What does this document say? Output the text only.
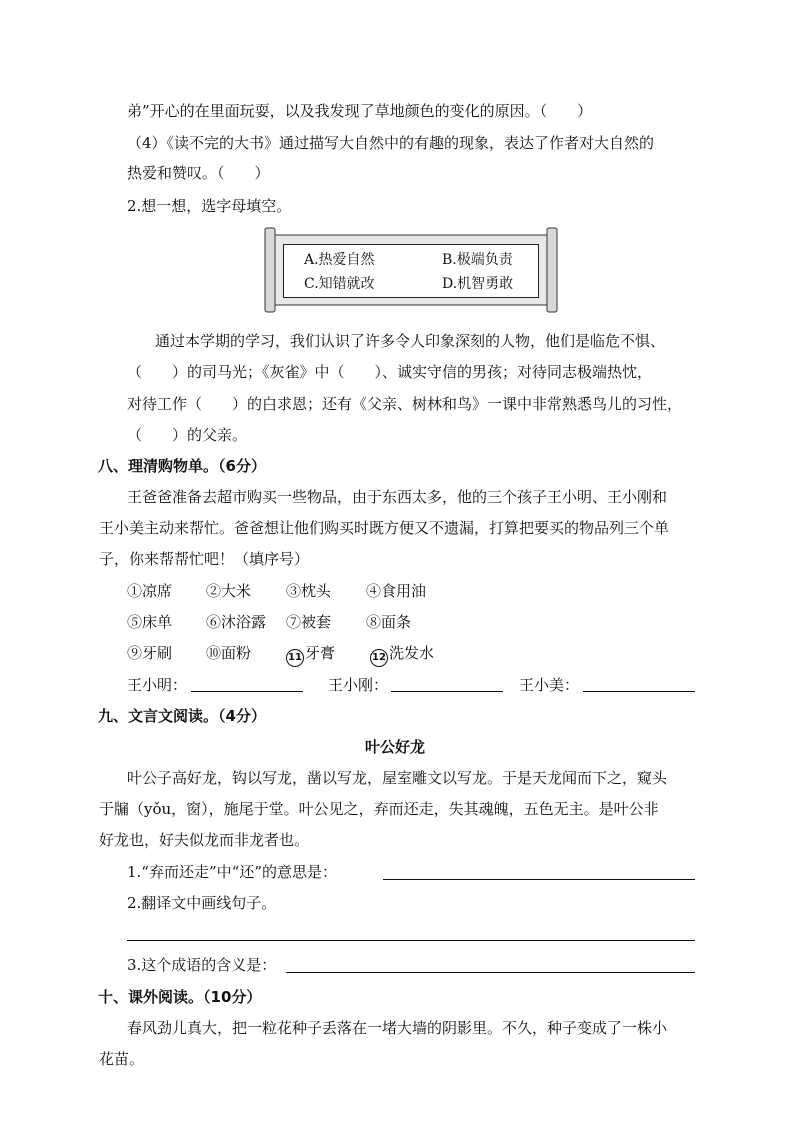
弟”开心的在里面玩耍，以及我发现了草地颜色的变化的原因。（　　）
（4）《读不完的大书》通过描写大自然中的有趣的现象，表达了作者对大自然的
热爱和赞叹。（　　）
2.想一想，选字母填空。
A.热爱自然	B.极端负责
C.知错就改	D.机智勇敢
通过本学期的学习，我们认识了许多令人印象深刻的人物，他们是临危不惧、
（　　）的司马光；《灰雀》中（　　）、诚实守信的男孩；对待同志极端热忱，
对待工作（　　）的白求恩；还有《父亲、树林和鸟》一课中非常熟悉鸟儿的习性，
（　　）的父亲。
八、理清购物单。（6分）
王爸爸准备去超市购买一些物品，由于东西太多，他的三个孩子王小明、王小刚和
王小美主动来帮忙。爸爸想让他们购买时既方便又不遗漏，打算把要买的物品列三个单
子，你来帮帮忙吧！（填序号）
①凉席 ②大米 ③枕头 ④食用油
⑤床单 ⑥沐浴露 ⑦被套 ⑧面条
⑨牙刷 ⑩面粉	11 牙膏	12 洗发水
王小明：	王小刚：	王小美：
九、文言文阅读。（4分）
叶公好龙
叶公子高好龙，钩以写龙，凿以写龙，屋室雕文以写龙。于是天龙闻而下之，窥头
于牖（yǒu，窗），施尾于堂。叶公见之，弃而还走，失其魂魄，五色无主。是叶公非
好龙也，好夫似龙而非龙者也。
1.“弃而还走”中“还”的意思是：
2.翻译文中画线句子。
3.这个成语的含义是：
十、课外阅读。（10分）
春风劲儿真大，把一粒花种子丢落在一堵大墙的阴影里。不久，种子变成了一株小
花苗。
